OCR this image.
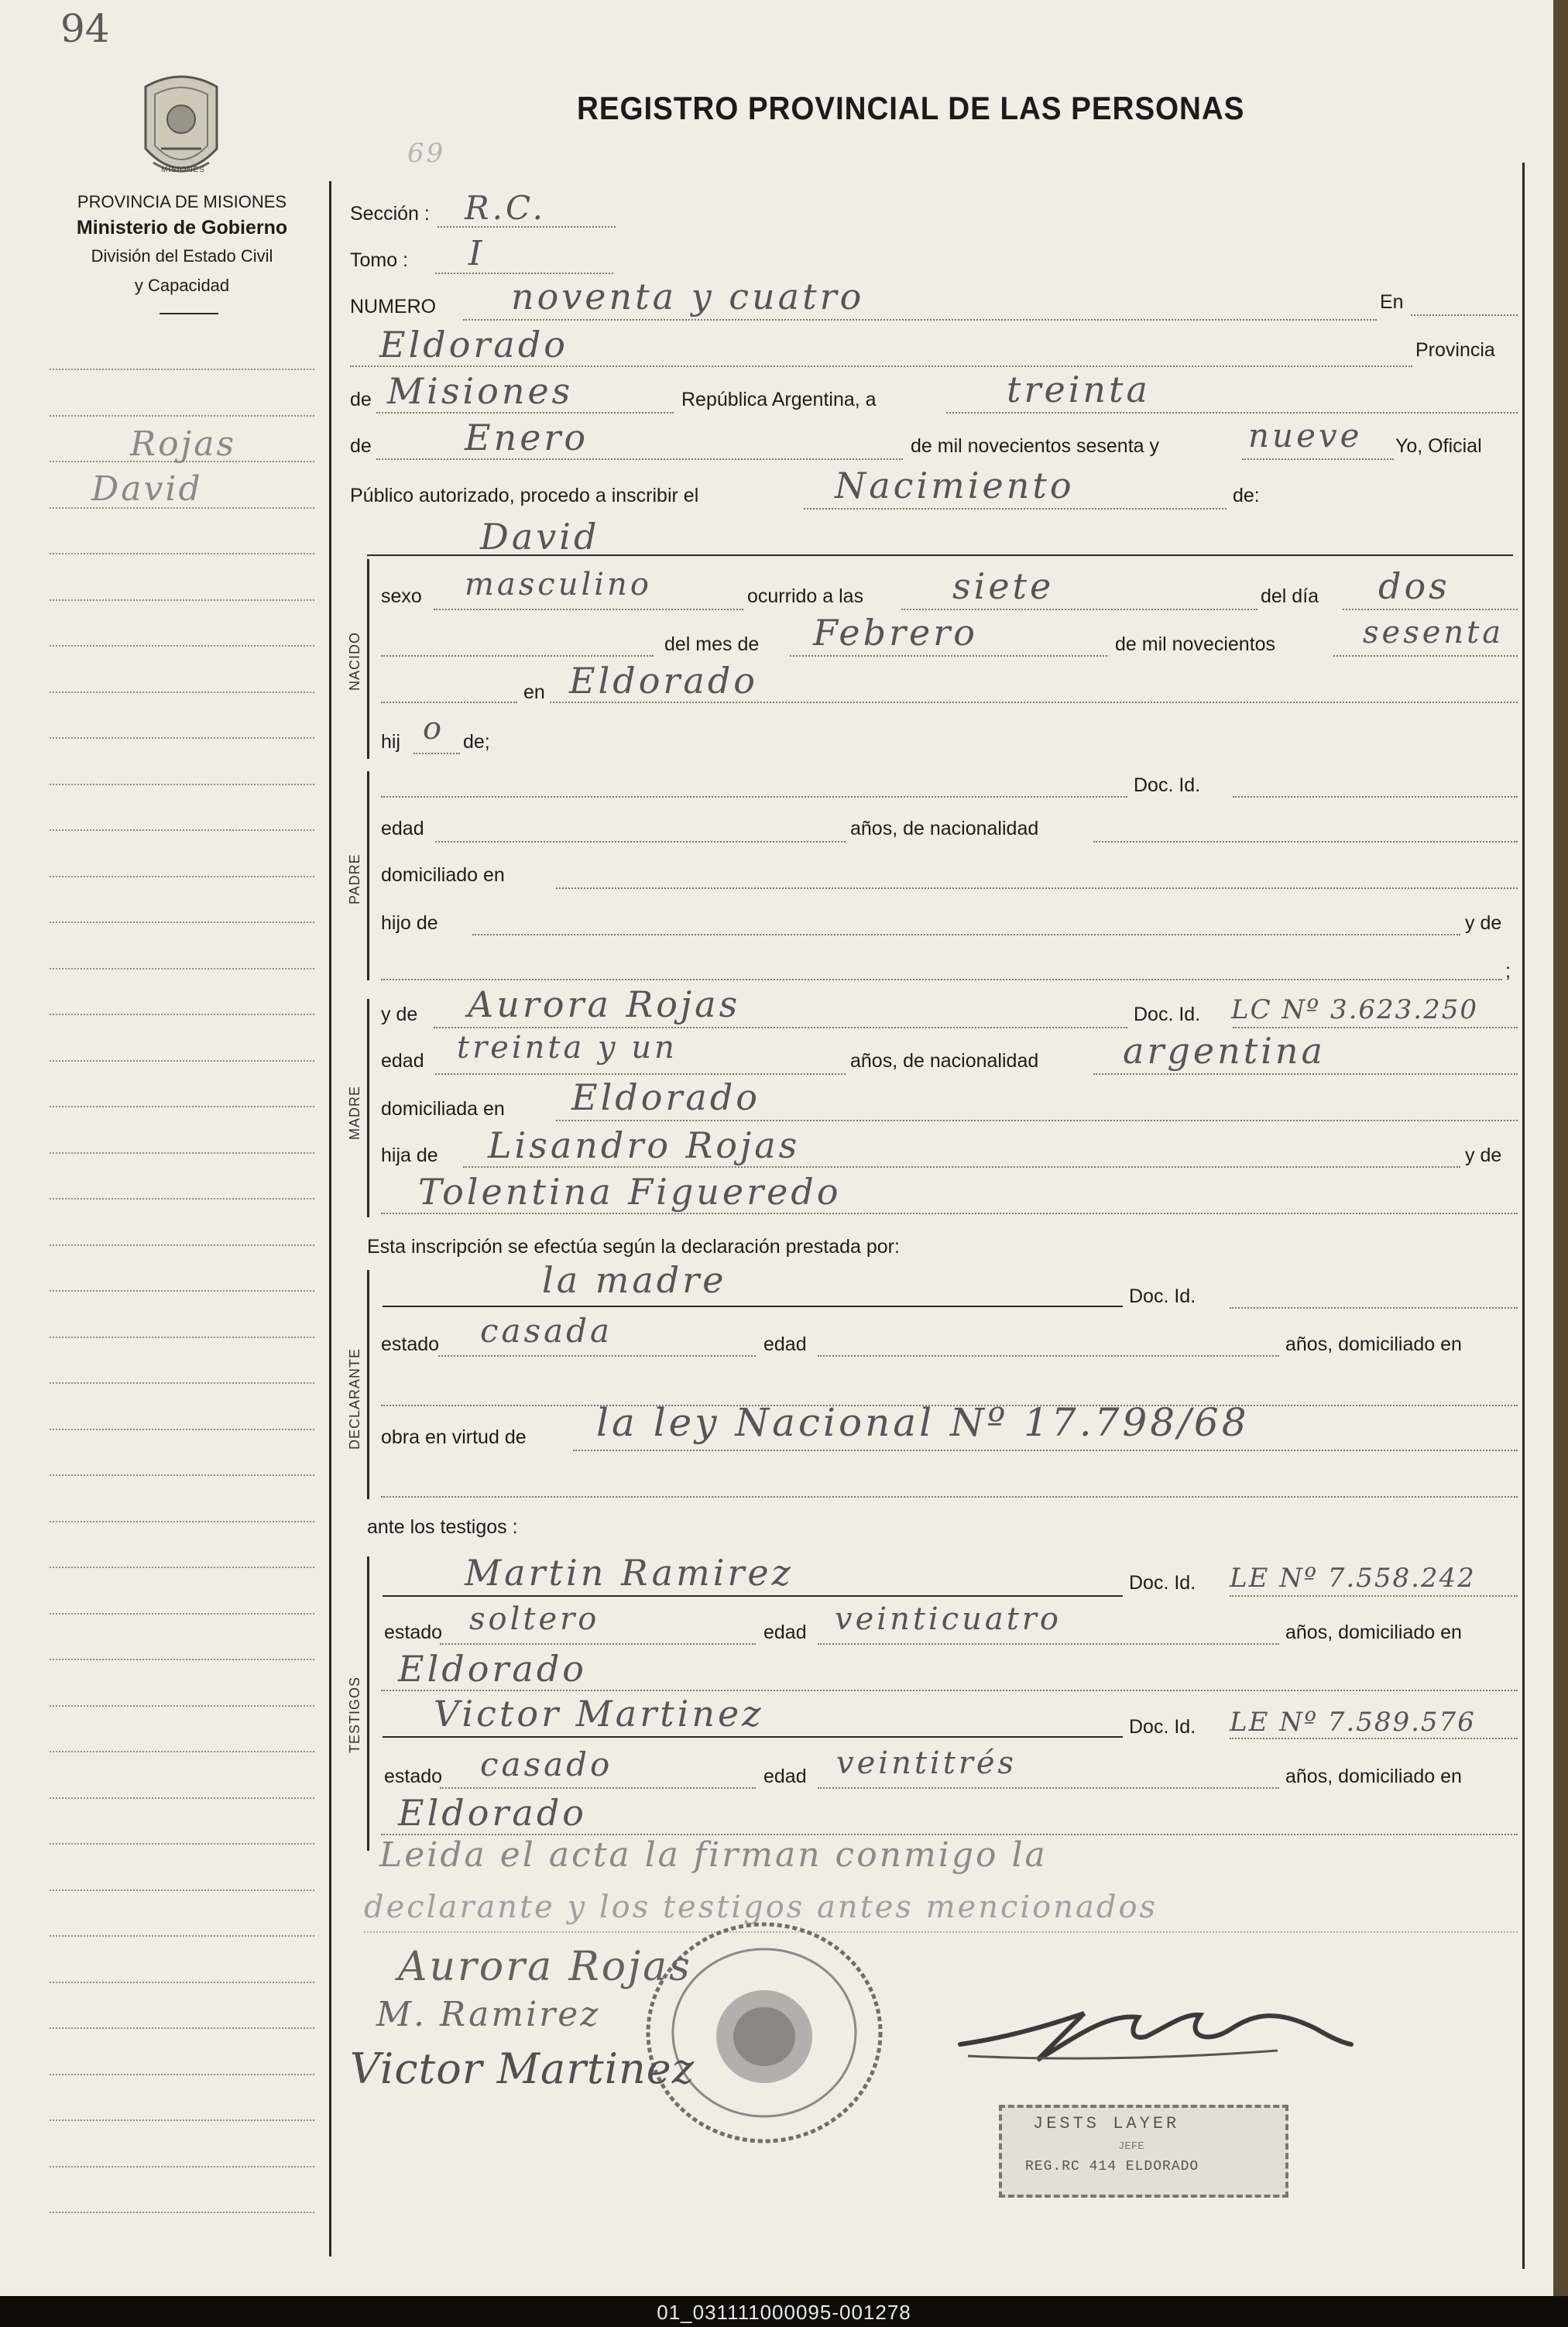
94
MISIONES
PROVINCIA DE MISIONES
Ministerio de Gobierno
División del Estado Civil
y Capacidad
REGISTRO PROVINCIAL DE LAS PERSONAS
69
Rojas
David
Sección : R.C.
Tomo : I
NUMERO noventa y cuatro	En
Eldorado	Provincia
de Misiones	República Argentina, a	treinta
de	Enero	de mil novecientos sesenta y	nueve Yo, Oficial
Público autorizado, procedo a inscribir el	Nacimiento	de:
David
NACIDO
sexo masculino	ocurrido a las siete	del día dos
del mes de Febrero	de mil novecientos	sesenta
en Eldorado
hij o de;
PADRE
Doc. Id.
edad	años, de nacionalidad
domiciliado en
hijo de	y de
;
MADRE
y de Aurora Rojas	Doc. Id. LC Nº 3.623.250
edad treinta y un	años, de nacionalidad argentina
domiciliada en Eldorado
hija de Lisandro Rojas	y de
Tolentina Figueredo
Esta inscripción se efectúa según la declaración prestada por:
DECLARANTE
la madre	Doc. Id.
estado casada	edad	años, domiciliado en
obra en virtud de la ley Nacional Nº 17.798/68
ante los testigos :
TESTIGOS
Martin Ramirez	Doc. Id. LE Nº 7.558.242
estado soltero	edad veinticuatro	años, domiciliado en
Eldorado
Victor Martinez	Doc. Id. LE Nº 7.589.576
estado casado	edad veintitrés	años, domiciliado en
Eldorado
Leida el acta la firman conmigo la
declarante y los testigos antes mencionados
Aurora Rojas
M. Ramirez
Victor Martinez
JESTS LAYER
JEFE
REG.RC 414 ELDORADO
01_031111000095-001278
